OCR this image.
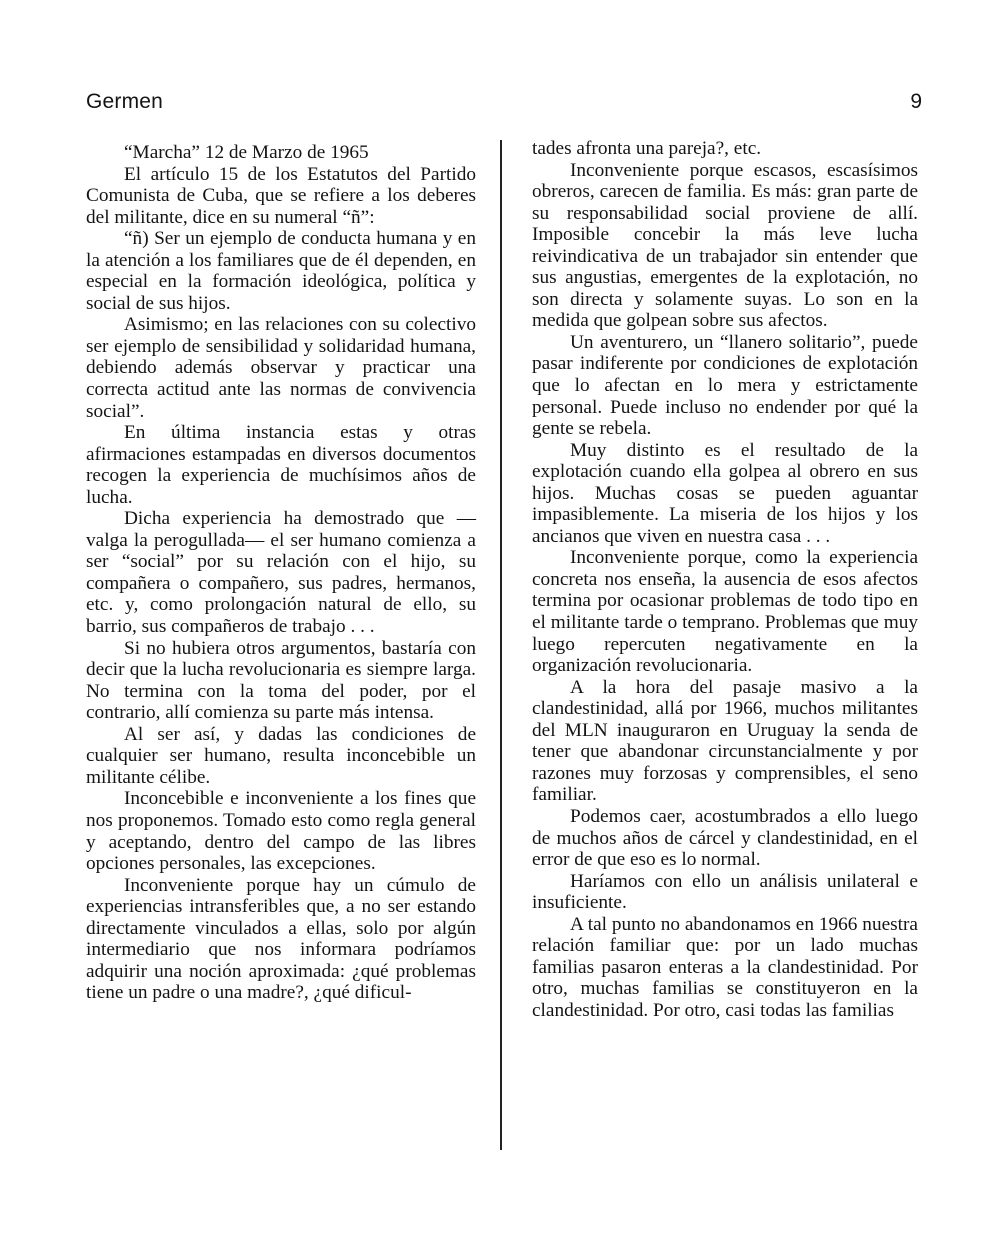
Germen	9

“Marcha” 12 de Marzo de 1965

El artículo 15 de los Estatutos del Partido Comunista de Cuba, que se refiere a los deberes del militante, dice en su numeral “ñ”:

“ñ) Ser un ejemplo de conducta humana y en la atención a los familiares que de él dependen, en especial en la formación ideológica, política y social de sus hijos.

Asimismo; en las relaciones con su colectivo ser ejemplo de sensibilidad y solidaridad humana, debiendo además observar y practicar una correcta actitud ante las normas de convivencia social”.

En última instancia estas y otras afirmaciones estampadas en diversos documentos recogen la experiencia de muchísimos años de lucha.

Dicha experiencia ha demostrado que —valga la perogullada— el ser humano comienza a ser “social” por su relación con el hijo, su compañera o compañero, sus padres, hermanos, etc. y, como prolongación natural de ello, su barrio, sus compañeros de trabajo . . .

Si no hubiera otros argumentos, bastaría con decir que la lucha revolucionaria es siempre larga. No termina con la toma del poder, por el contrario, allí comienza su parte más intensa.

Al ser así, y dadas las condiciones de cualquier ser humano, resulta inconcebible un militante célibe.

Inconcebible e inconveniente a los fines que nos proponemos. Tomado esto como regla general y aceptando, dentro del campo de las libres opciones personales, las excepciones.

Inconveniente porque hay un cúmulo de experiencias intransferibles que, a no ser estando directamente vinculados a ellas, solo por algún intermediario que nos informara podríamos adquirir una noción aproximada: ¿qué problemas tiene un padre o una madre?, ¿qué dificul-

tades afronta una pareja?, etc.

Inconveniente porque escasos, escasísimos obreros, carecen de familia. Es más: gran parte de su responsabilidad social proviene de allí. Imposible concebir la más leve lucha reivindicativa de un trabajador sin entender que sus angustias, emergentes de la explotación, no son directa y solamente suyas. Lo son en la medida que golpean sobre sus afectos.

Un aventurero, un “llanero solitario”, puede pasar indiferente por condiciones de explotación que lo afectan en lo mera y estrictamente personal. Puede incluso no endender por qué la gente se rebela.

Muy distinto es el resultado de la explotación cuando ella golpea al obrero en sus hijos. Muchas cosas se pueden aguantar impasiblemente. La miseria de los hijos y los ancianos que viven en nuestra casa . . .

Inconveniente porque, como la experiencia concreta nos enseña, la ausencia de esos afectos termina por ocasionar problemas de todo tipo en el militante tarde o temprano. Problemas que muy luego repercuten negativamente en la organización revolucionaria.

A la hora del pasaje masivo a la clandestinidad, allá por 1966, muchos militantes del MLN inauguraron en Uruguay la senda de tener que abandonar circunstancialmente y por razones muy forzosas y comprensibles, el seno familiar.

Podemos caer, acostumbrados a ello luego de muchos años de cárcel y clandestinidad, en el error de que eso es lo normal.

Haríamos con ello un análisis unilateral e insuficiente.

A tal punto no abandonamos en 1966 nuestra relación familiar que: por un lado muchas familias pasaron enteras a la clandestinidad. Por otro, muchas familias se constituyeron en la clandestinidad. Por otro, casi todas las familias
